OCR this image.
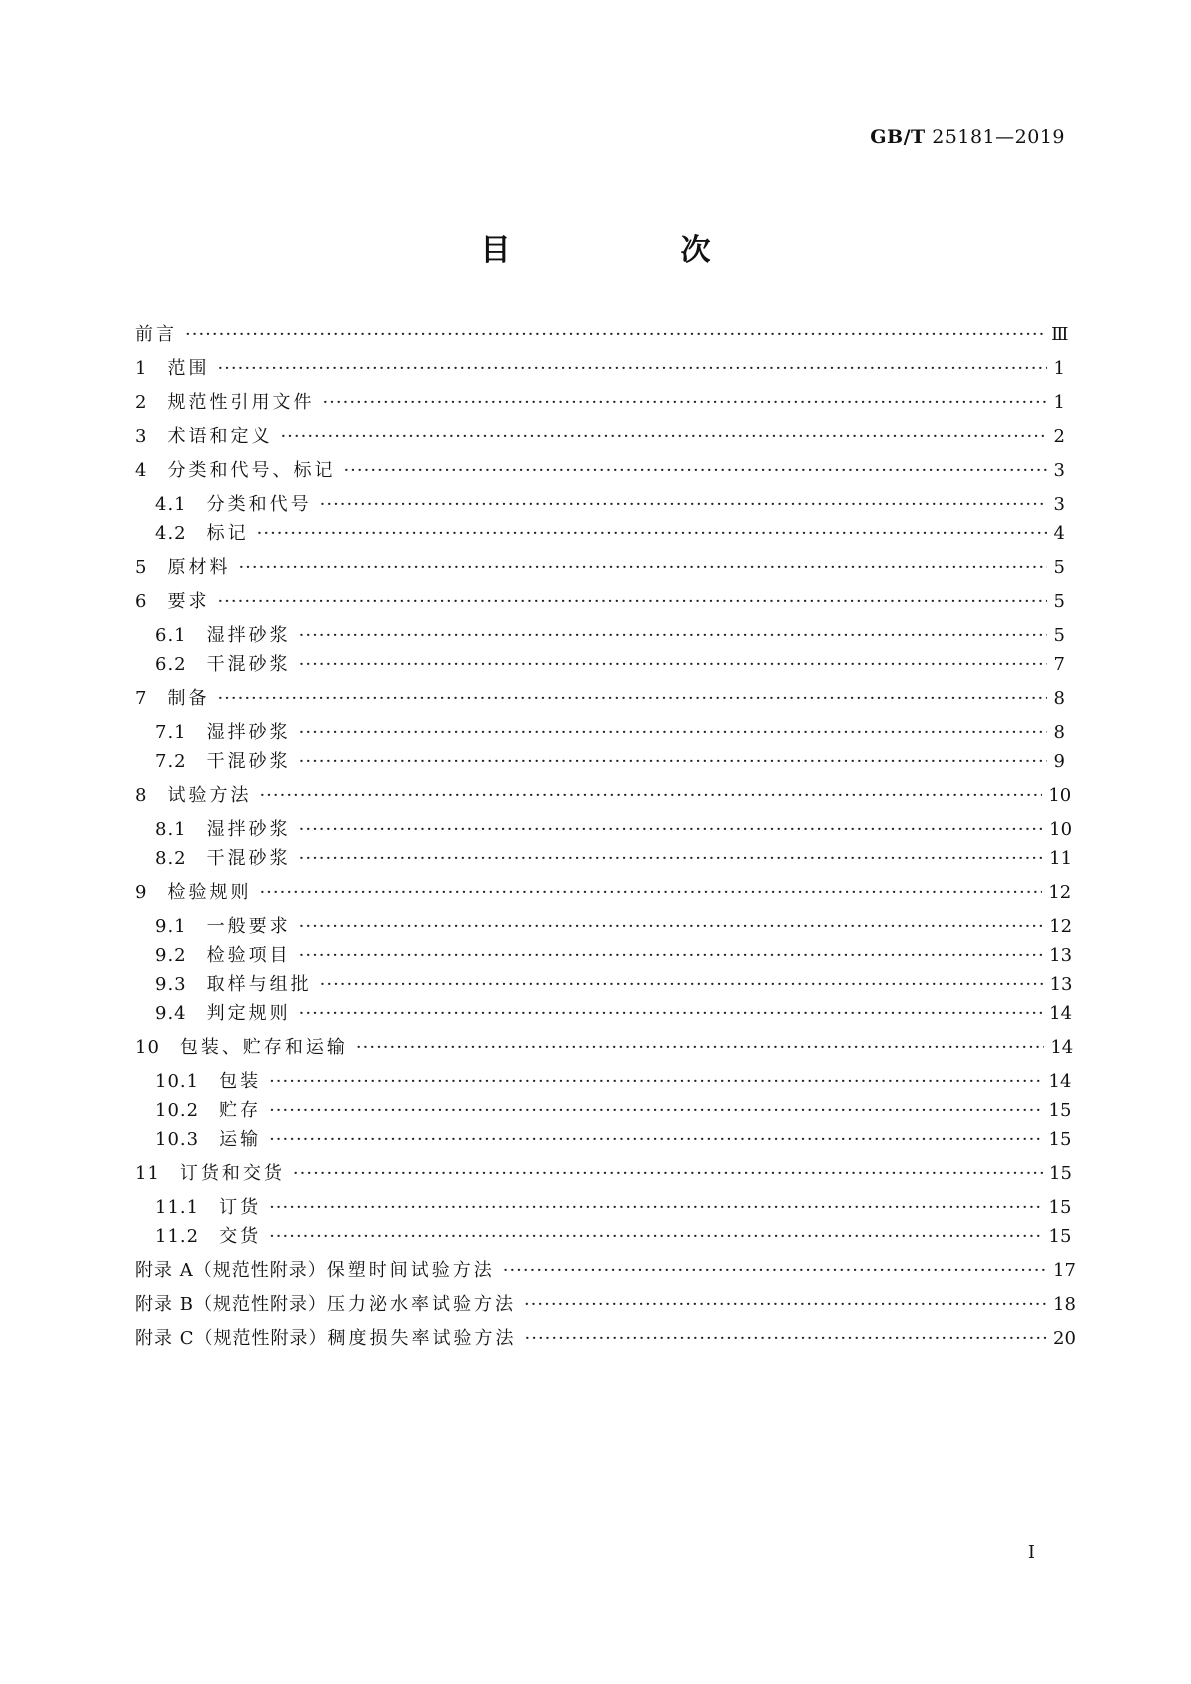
GB/T 25181—2019
目　次
前言 ·····	Ⅲ
1 范围 ·····	1
2 规范性引用文件 ·····	1
3 术语和定义 ·····	2
4 分类和代号、标记 ·····	3
4.1 分类和代号 ·····	3
4.2 标记 ·····	4
5 原材料 ·····	5
6 要求 ·····	5
6.1 湿拌砂浆 ·····	5
6.2 干混砂浆 ·····	7
7 制备 ·····	8
7.1 湿拌砂浆 ·····	8
7.2 干混砂浆 ·····	9
8 试验方法 ·····	10
8.1 湿拌砂浆 ·····	10
8.2 干混砂浆 ·····	11
9 检验规则 ·····	12
9.1 一般要求 ·····	12
9.2 检验项目 ·····	13
9.3 取样与组批 ·····	13
9.4 判定规则 ·····	14
10 包装、贮存和运输 ·····	14
10.1 包装 ·····	14
10.2 贮存 ·····	15
10.3 运输 ·····	15
11 订货和交货 ·····	15
11.1 订货 ·····	15
11.2 交货 ·····	15
附录 A（规范性附录） 保塑时间试验方法 ·····	17
附录 B（规范性附录） 压力泌水率试验方法 ·····	18
附录 C（规范性附录） 稠度损失率试验方法 ·····	20
Ⅰ
